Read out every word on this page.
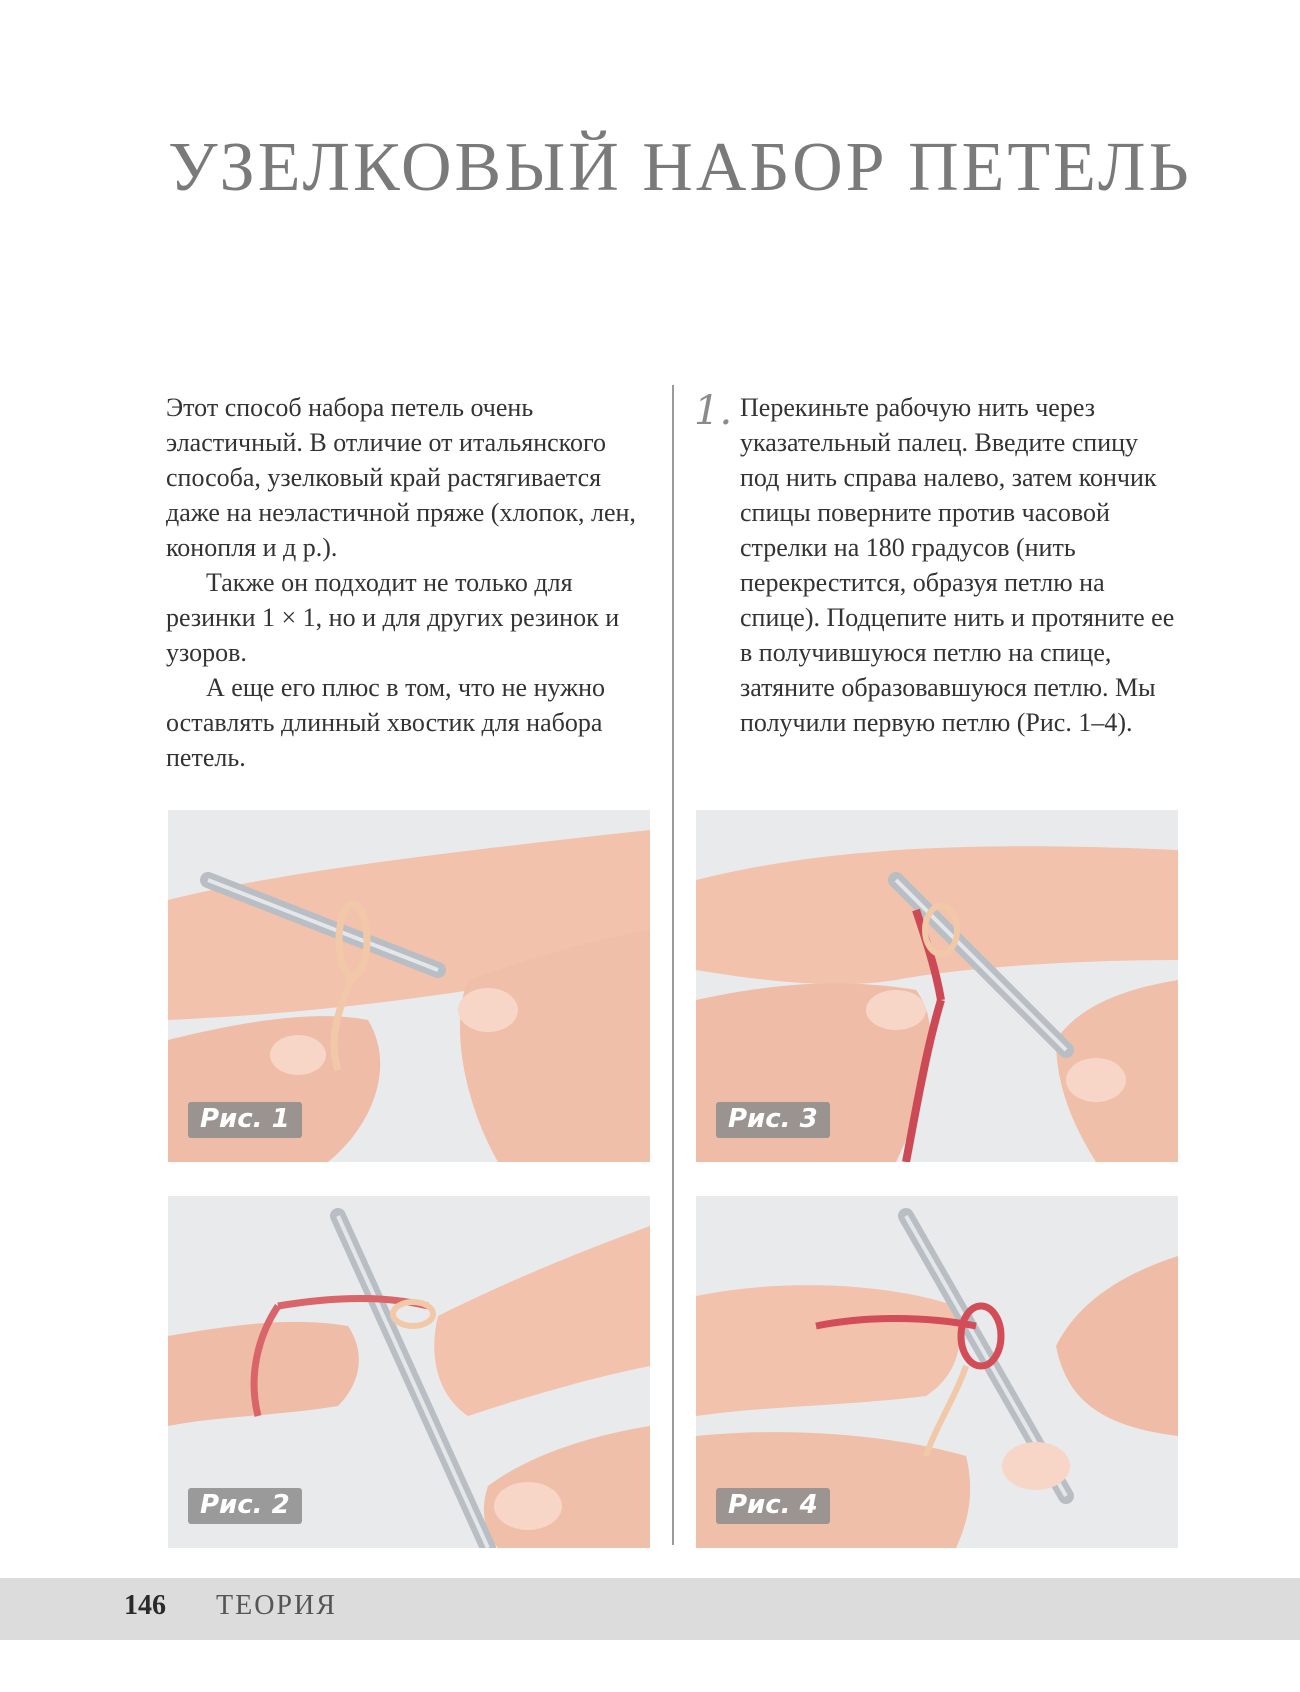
УЗЕЛКОВЫЙ НАБОР ПЕТЕЛЬ

Этот способ набора петель очень эластичный. В отличие от итальянского способа, узелковый край растягивается даже на неэластичной пряже (хлопок, лен, конопля и д р.).

Также он подходит не только для резинки 1 × 1, но и для других резинок и узоров.

А еще его плюс в том, что не нужно оставлять длинный хвостик для набора петель.

1. Перекиньте рабочую нить через указательный палец. Введите спицу под нить справа налево, затем кончик спицы поверните против часовой стрелки на 180 градусов (нить перекрестится, образуя петлю на спице). Подцепите нить и протяните ее в получившуюся петлю на спице, затяните образовавшуюся петлю. Мы получили первую петлю (Рис. 1–4).

Рис. 1
Рис. 2
Рис. 3
Рис. 4
146 ТЕОРИЯ
